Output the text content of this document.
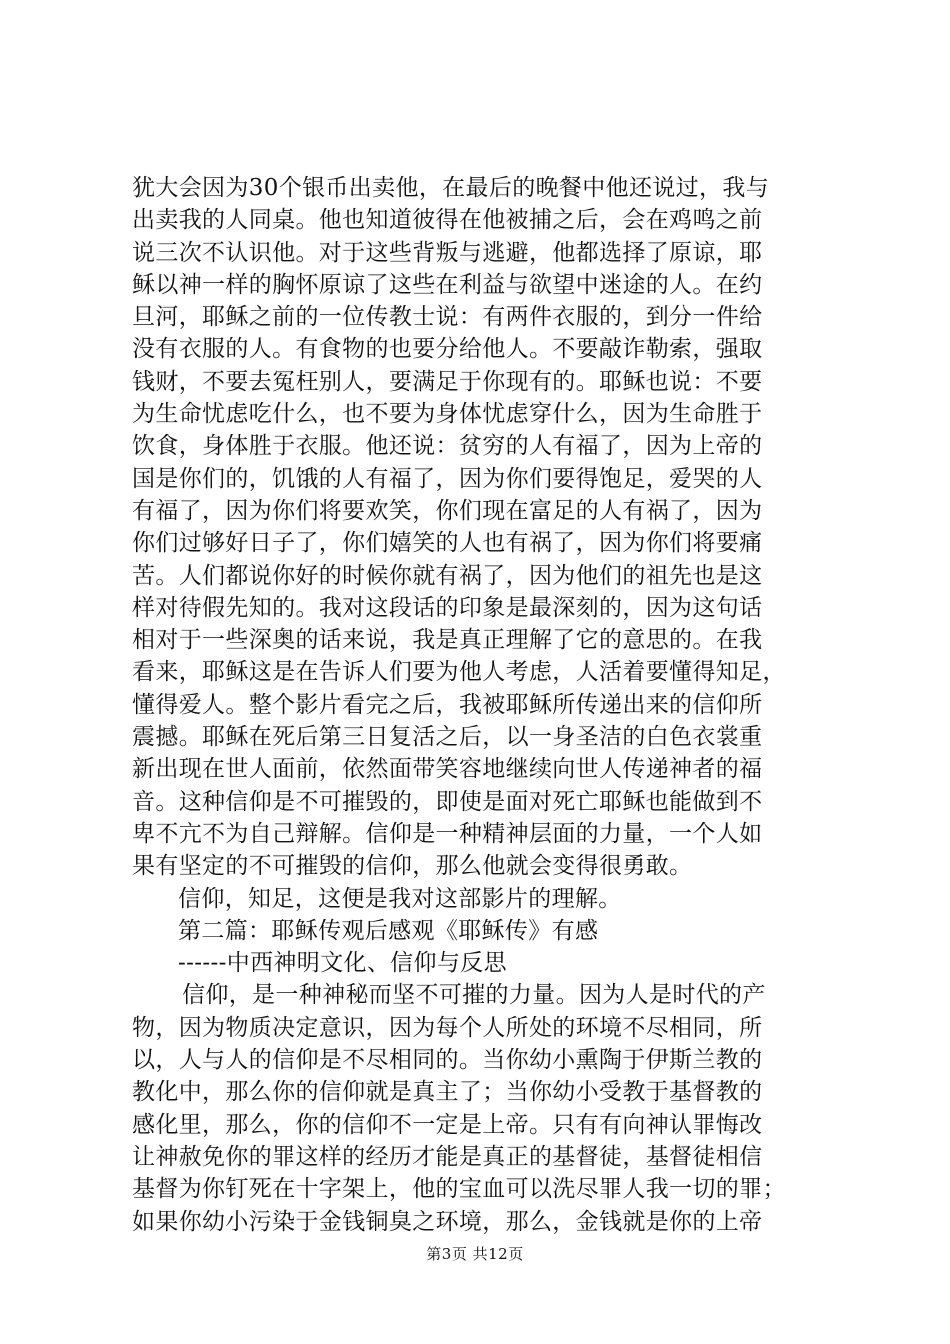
犹大会因为30个银币出卖他，在最后的晚餐中他还说过，我与

出卖我的人同桌。他也知道彼得在他被捕之后，会在鸡鸣之前

说三次不认识他。对于这些背叛与逃避，他都选择了原谅，耶

稣以神一样的胸怀原谅了这些在利益与欲望中迷途的人。在约

旦河，耶稣之前的一位传教士说：有两件衣服的，到分一件给

没有衣服的人。有食物的也要分给他人。不要敲诈勒索，强取

钱财，不要去冤枉别人，要满足于你现有的。耶稣也说：不要

为生命忧虑吃什么，也不要为身体忧虑穿什么，因为生命胜于

饮食，身体胜于衣服。他还说：贫穷的人有福了，因为上帝的

国是你们的，饥饿的人有福了，因为你们要得饱足，爱哭的人

有福了，因为你们将要欢笑，你们现在富足的人有祸了，因为

你们过够好日子了，你们嬉笑的人也有祸了，因为你们将要痛

苦。人们都说你好的时候你就有祸了，因为他们的祖先也是这

样对待假先知的。我对这段话的印象是最深刻的，因为这句话

相对于一些深奥的话来说，我是真正理解了它的意思的。在我

看来，耶稣这是在告诉人们要为他人考虑，人活着要懂得知足，

懂得爱人。整个影片看完之后，我被耶稣所传递出来的信仰所

震撼。耶稣在死后第三日复活之后，以一身圣洁的白色衣裳重

新出现在世人面前，依然面带笑容地继续向世人传递神者的福

音。这种信仰是不可摧毁的，即使是面对死亡耶稣也能做到不

卑不亢不为自己辩解。信仰是一种精神层面的力量，一个人如

果有坚定的不可摧毁的信仰，那么他就会变得很勇敢。

信仰，知足，这便是我对这部影片的理解。

第二篇：耶稣传观后感观《耶稣传》有感

------中西神明文化、信仰与反思

信仰，是一种神秘而坚不可摧的力量。因为人是时代的产

物，因为物质决定意识，因为每个人所处的环境不尽相同，所

以，人与人的信仰是不尽相同的。当你幼小熏陶于伊斯兰教的

教化中，那么你的信仰就是真主了；当你幼小受教于基督教的

感化里，那么，你的信仰不一定是上帝。只有有向神认罪悔改

让神赦免你的罪这样的经历才能是真正的基督徒，基督徒相信

基督为你钉死在十字架上，他的宝血可以洗尽罪人我一切的罪；

如果你幼小污染于金钱铜臭之环境，那么，金钱就是你的上帝

第3页 共12页
